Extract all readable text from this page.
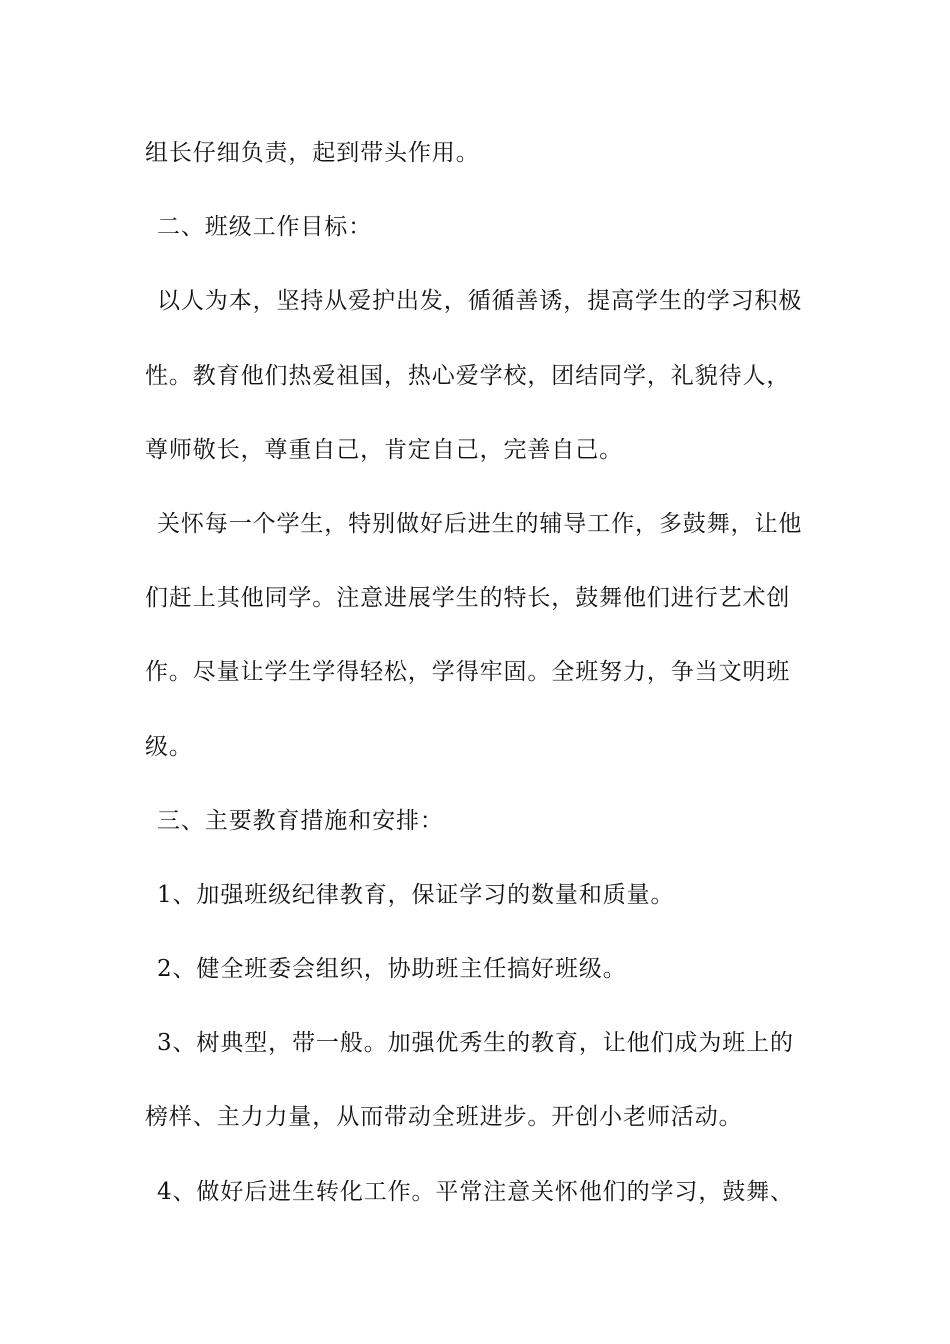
组长仔细负责，起到带头作用。
二、班级工作目标：
以人为本，坚持从爱护出发，循循善诱，提高学生的学习积极
性。教育他们热爱祖国，热心爱学校，团结同学，礼貌待人，
尊师敬长，尊重自己，肯定自己，完善自己。
关怀每一个学生，特别做好后进生的辅导工作，多鼓舞，让他
们赶上其他同学。注意进展学生的特长，鼓舞他们进行艺术创
作。尽量让学生学得轻松，学得牢固。全班努力，争当文明班
级。
三、主要教育措施和安排：
1、加强班级纪律教育，保证学习的数量和质量。
2、健全班委会组织，协助班主任搞好班级。
3、树典型，带一般。加强优秀生的教育，让他们成为班上的
榜样、主力力量，从而带动全班进步。开创小老师活动。
4、做好后进生转化工作。平常注意关怀他们的学习，鼓舞、
